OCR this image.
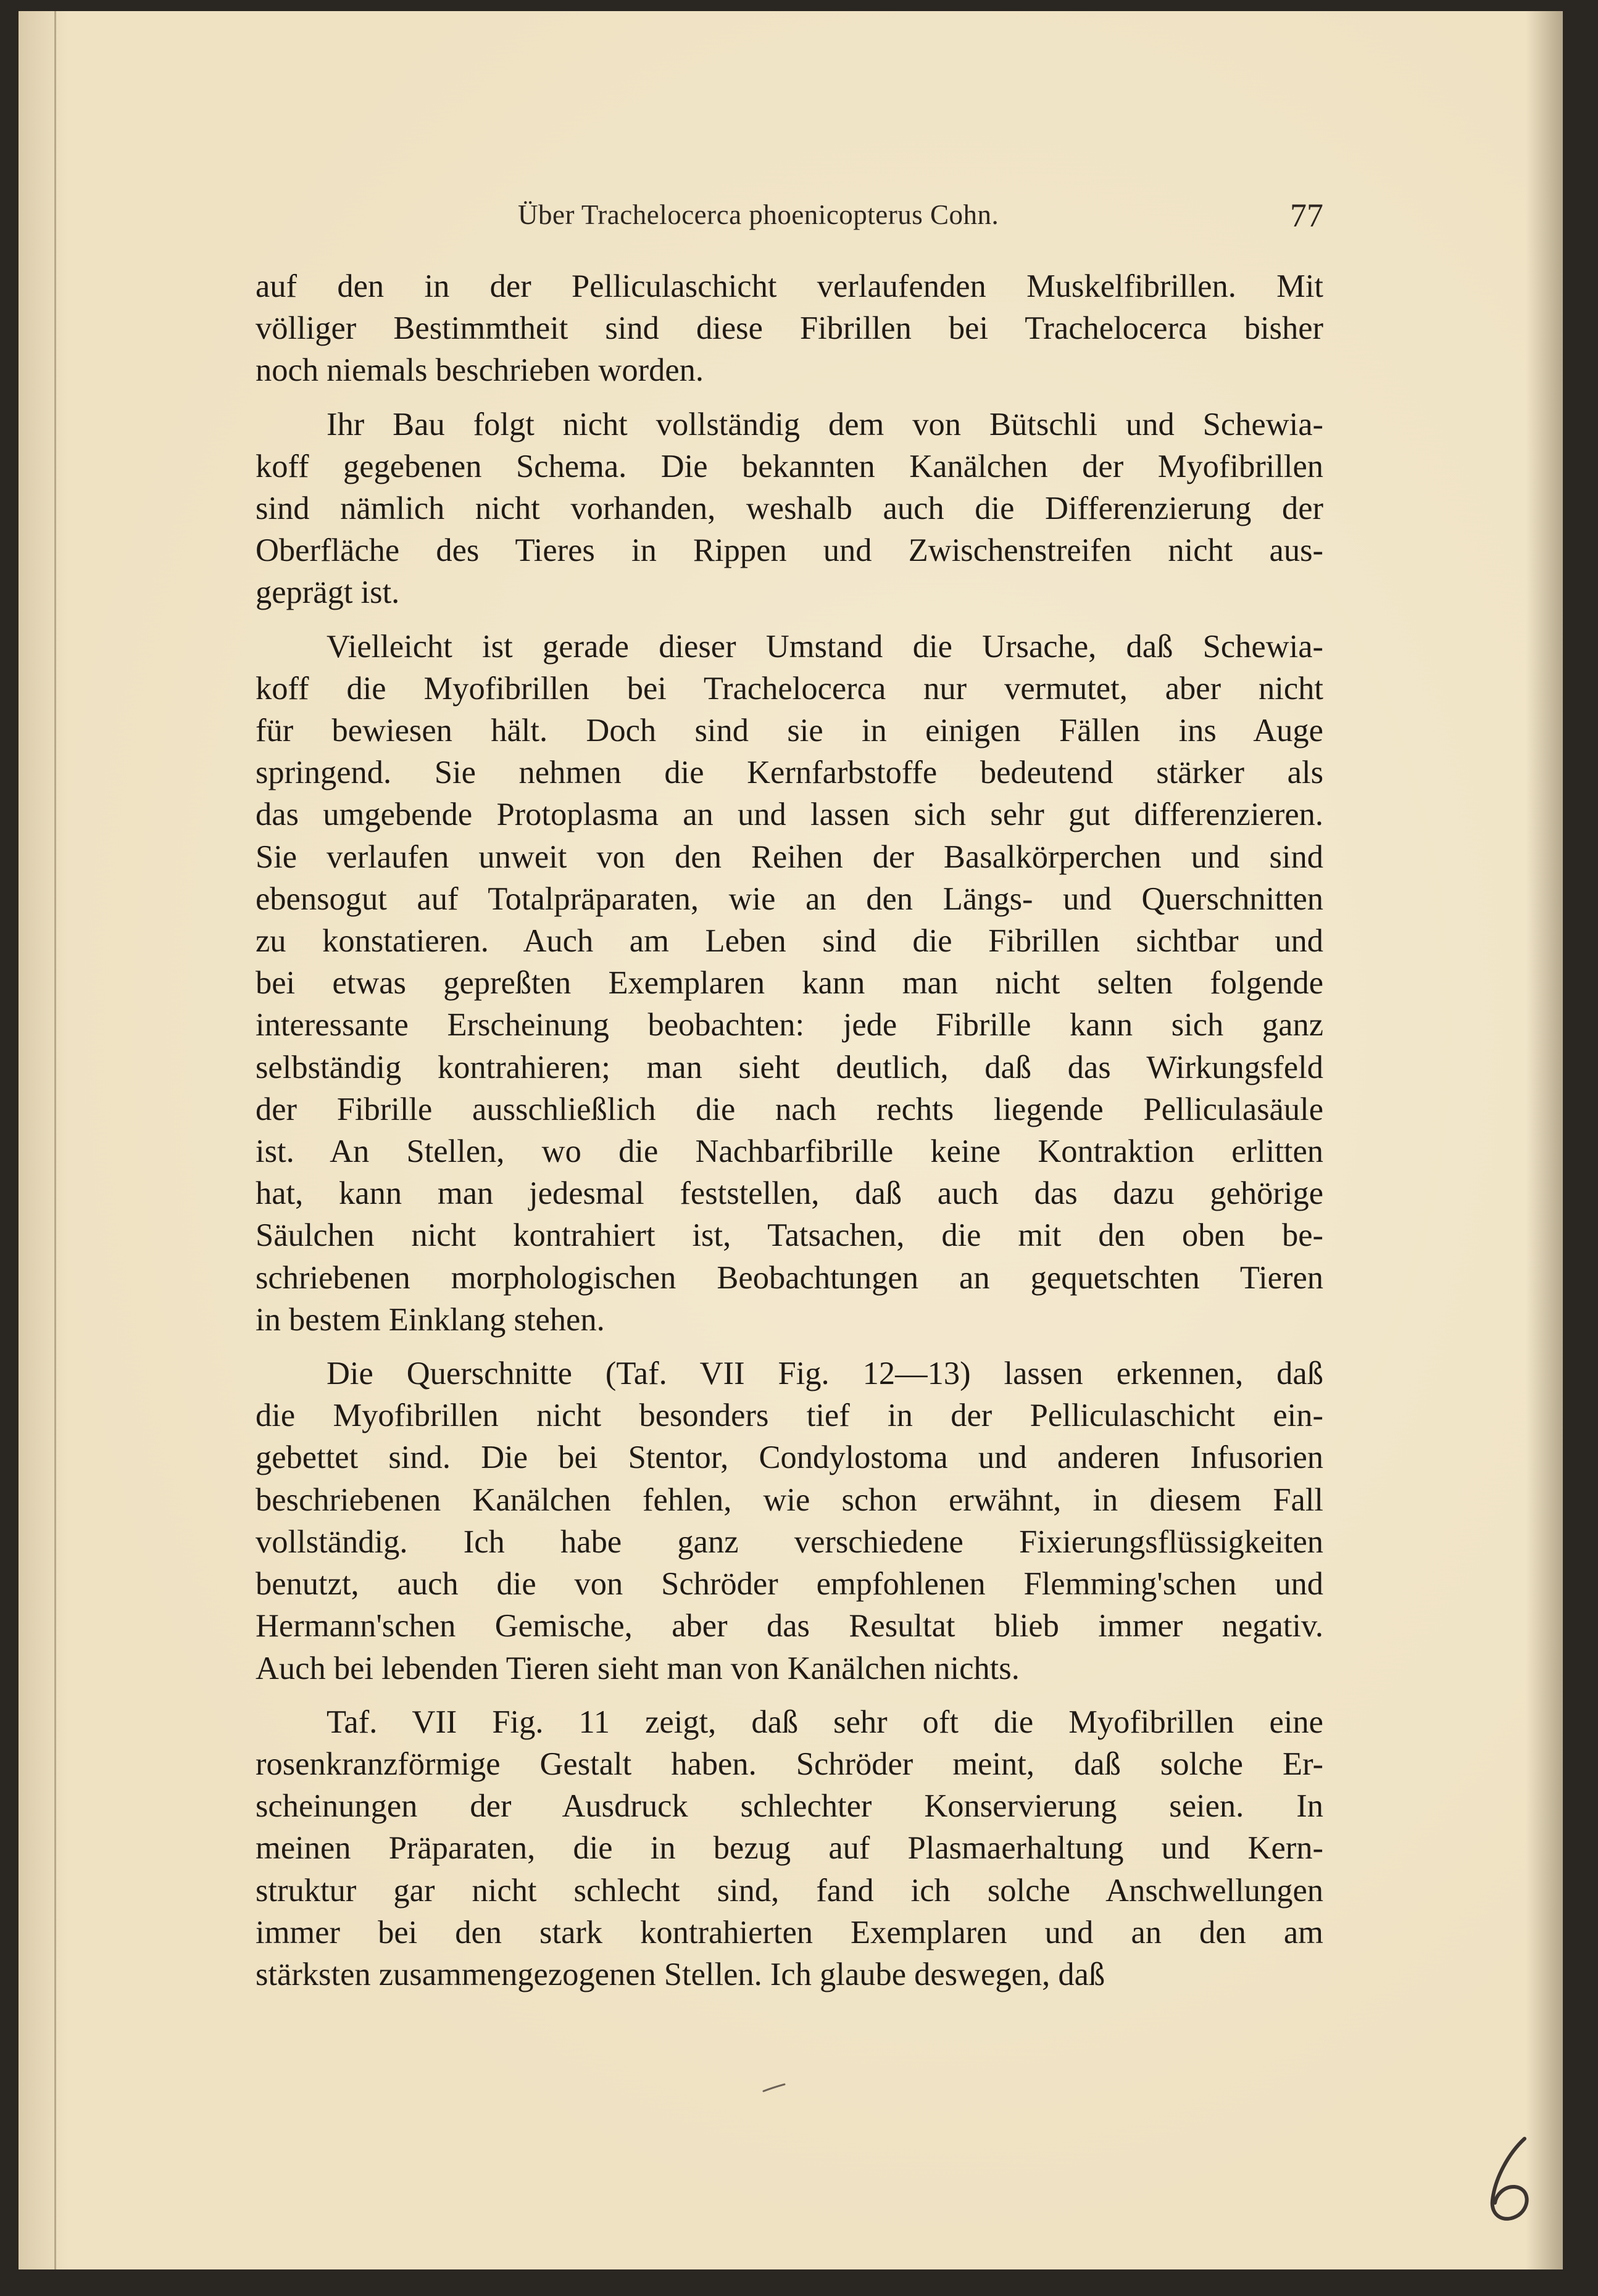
Über Trachelocerca phoenicopterus Cohn.	77
auf den in der Pelliculaschicht verlaufenden Muskelfibrillen. Mit
völliger Bestimmtheit sind diese Fibrillen bei Trachelocerca bisher
noch niemals beschrieben worden.
Ihr Bau folgt nicht vollständig dem von Bütschli und Schewia-
koff gegebenen Schema. Die bekannten Kanälchen der Myofibrillen
sind nämlich nicht vorhanden, weshalb auch die Differenzierung der
Oberfläche des Tieres in Rippen und Zwischenstreifen nicht aus-
geprägt ist.
Vielleicht ist gerade dieser Umstand die Ursache, daß Schewia-
koff die Myofibrillen bei Trachelocerca nur vermutet, aber nicht
für bewiesen hält. Doch sind sie in einigen Fällen ins Auge
springend. Sie nehmen die Kernfarbstoffe bedeutend stärker als
das umgebende Protoplasma an und lassen sich sehr gut differenzieren.
Sie verlaufen unweit von den Reihen der Basalkörperchen und sind
ebensogut auf Totalpräparaten, wie an den Längs- und Querschnitten
zu konstatieren. Auch am Leben sind die Fibrillen sichtbar und
bei etwas gepreßten Exemplaren kann man nicht selten folgende
interessante Erscheinung beobachten: jede Fibrille kann sich ganz
selbständig kontrahieren; man sieht deutlich, daß das Wirkungsfeld
der Fibrille ausschließlich die nach rechts liegende Pelliculasäule
ist. An Stellen, wo die Nachbarfibrille keine Kontraktion erlitten
hat, kann man jedesmal feststellen, daß auch das dazu gehörige
Säulchen nicht kontrahiert ist, Tatsachen, die mit den oben be-
schriebenen morphologischen Beobachtungen an gequetschten Tieren
in bestem Einklang stehen.
Die Querschnitte (Taf. VII Fig. 12—13) lassen erkennen, daß
die Myofibrillen nicht besonders tief in der Pelliculaschicht ein-
gebettet sind. Die bei Stentor, Condylostoma und anderen Infusorien
beschriebenen Kanälchen fehlen, wie schon erwähnt, in diesem Fall
vollständig. Ich habe ganz verschiedene Fixierungsflüssigkeiten
benutzt, auch die von Schröder empfohlenen Flemming'schen und
Hermann'schen Gemische, aber das Resultat blieb immer negativ.
Auch bei lebenden Tieren sieht man von Kanälchen nichts.
Taf. VII Fig. 11 zeigt, daß sehr oft die Myofibrillen eine
rosenkranzförmige Gestalt haben. Schröder meint, daß solche Er-
scheinungen der Ausdruck schlechter Konservierung seien. In
meinen Präparaten, die in bezug auf Plasmaerhaltung und Kern-
struktur gar nicht schlecht sind, fand ich solche Anschwellungen
immer bei den stark kontrahierten Exemplaren und an den am
stärksten zusammengezogenen Stellen. Ich glaube deswegen, daß
